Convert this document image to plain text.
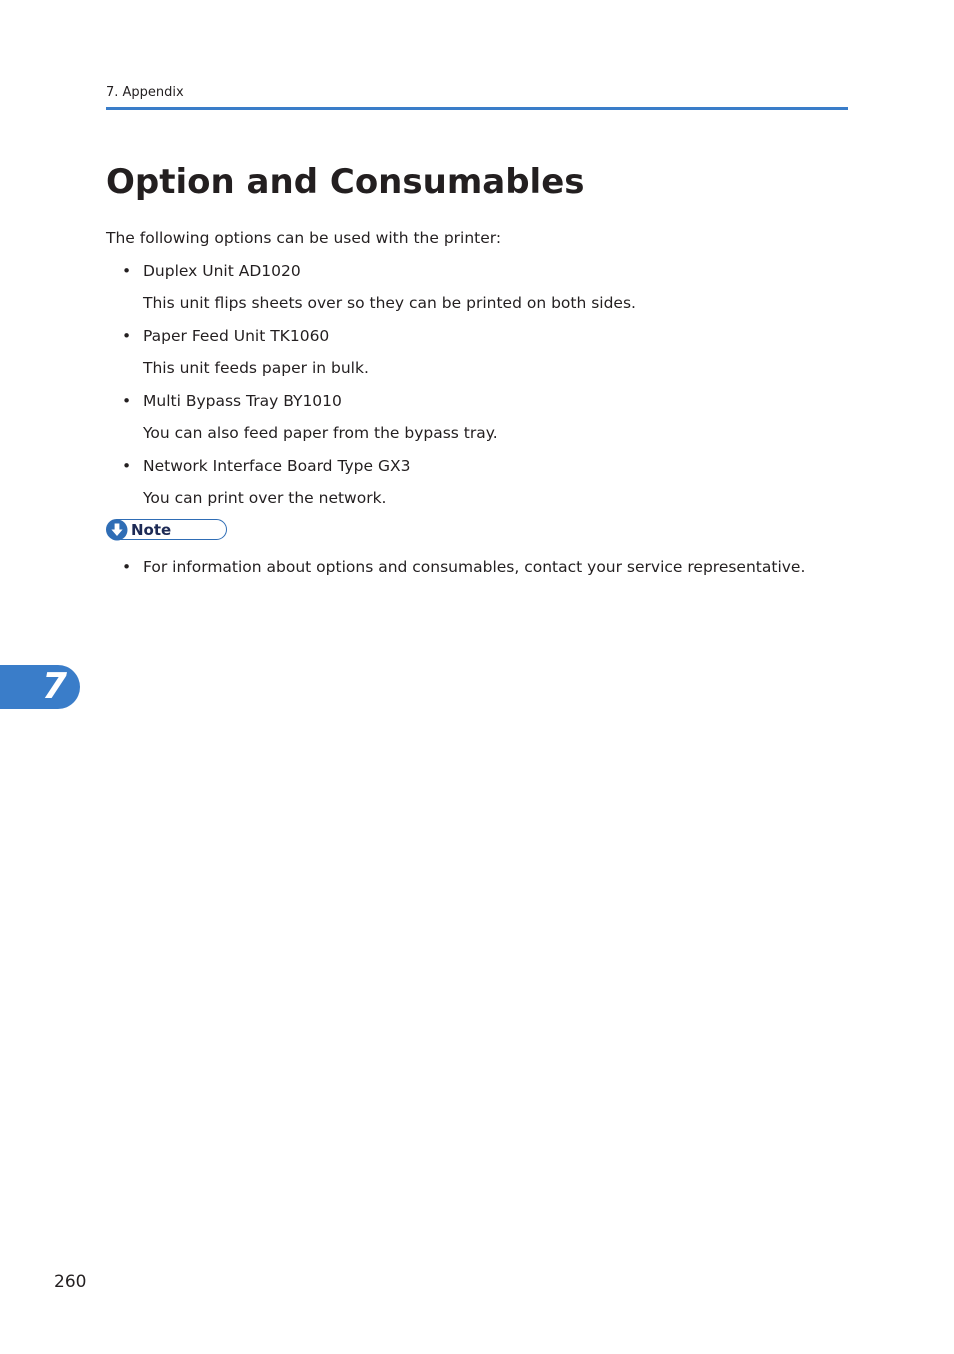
7. Appendix
Option and Consumables
The following options can be used with the printer:
• Duplex Unit AD1020
This unit flips sheets over so they can be printed on both sides.
• Paper Feed Unit TK1060
This unit feeds paper in bulk.
• Multi Bypass Tray BY1010
You can also feed paper from the bypass tray.
• Network Interface Board Type GX3
You can print over the network.
Note
• For information about options and consumables, contact your service representative.
7
260
